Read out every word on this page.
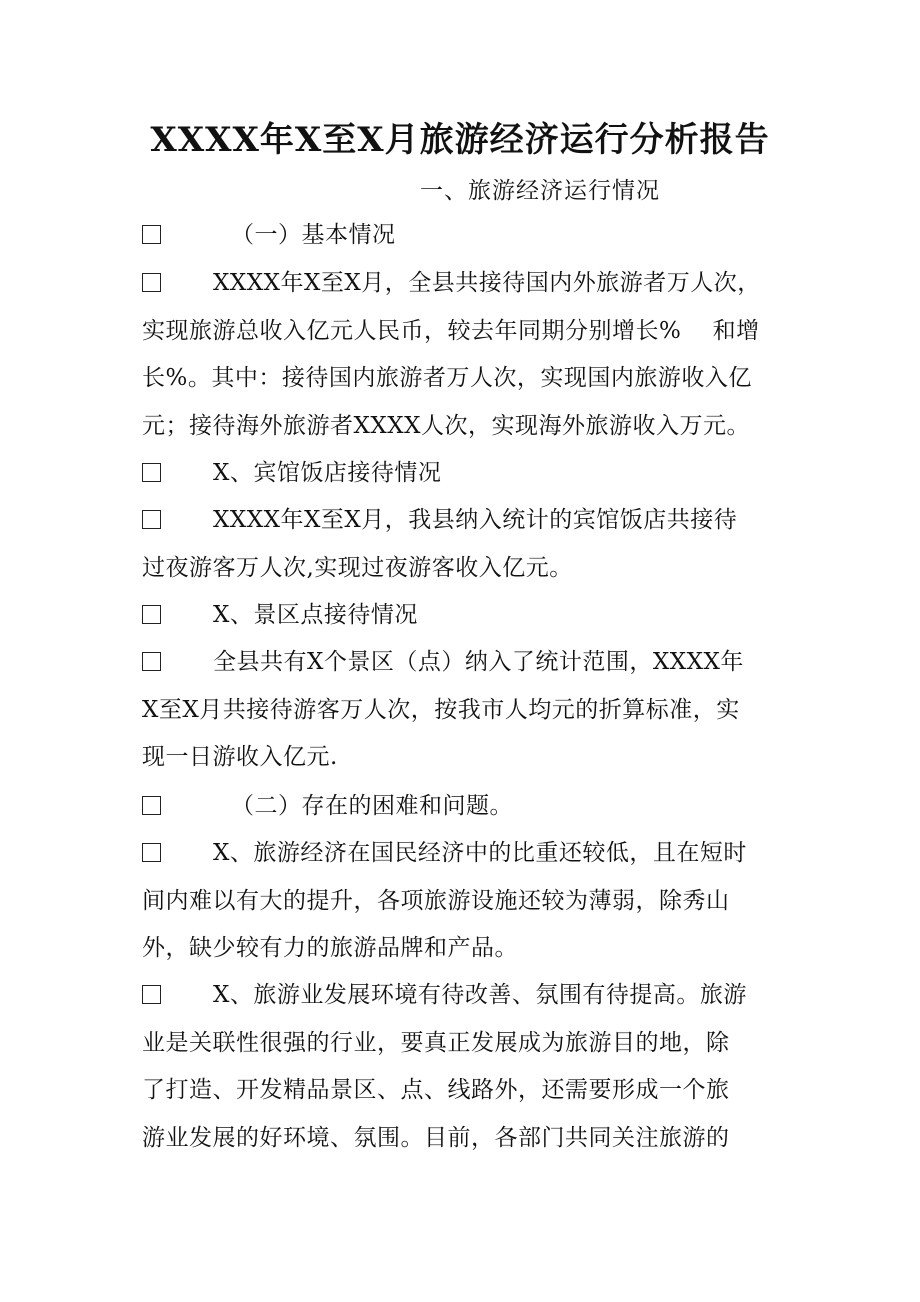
XXXX年X至X月旅游经济运行分析报告
一、旅游经济运行情况
（一）基本情况
XXXX年X至X月，全县共接待国内外旅游者万人次，
实现旅游总收入亿元人民币，较去年同期分别增长%　 和增
长%。其中：接待国内旅游者万人次，实现国内旅游收入亿
元；接待海外旅游者XXXX人次，实现海外旅游收入万元。
X、宾馆饭店接待情况
XXXX年X至X月，我县纳入统计的宾馆饭店共接待
过夜游客万人次,实现过夜游客收入亿元。
X、景区点接待情况
全县共有X个景区（点）纳入了统计范围，XXXX年
X至X月共接待游客万人次，按我市人均元的折算标准，实
现一日游收入亿元.
（二）存在的困难和问题。
X、旅游经济在国民经济中的比重还较低，且在短时
间内难以有大的提升，各项旅游设施还较为薄弱，除秀山
外，缺少较有力的旅游品牌和产品。
X、旅游业发展环境有待改善、氛围有待提高。旅游
业是关联性很强的行业，要真正发展成为旅游目的地，除
了打造、开发精品景区、点、线路外，还需要形成一个旅
游业发展的好环境、氛围。目前，各部门共同关注旅游的
